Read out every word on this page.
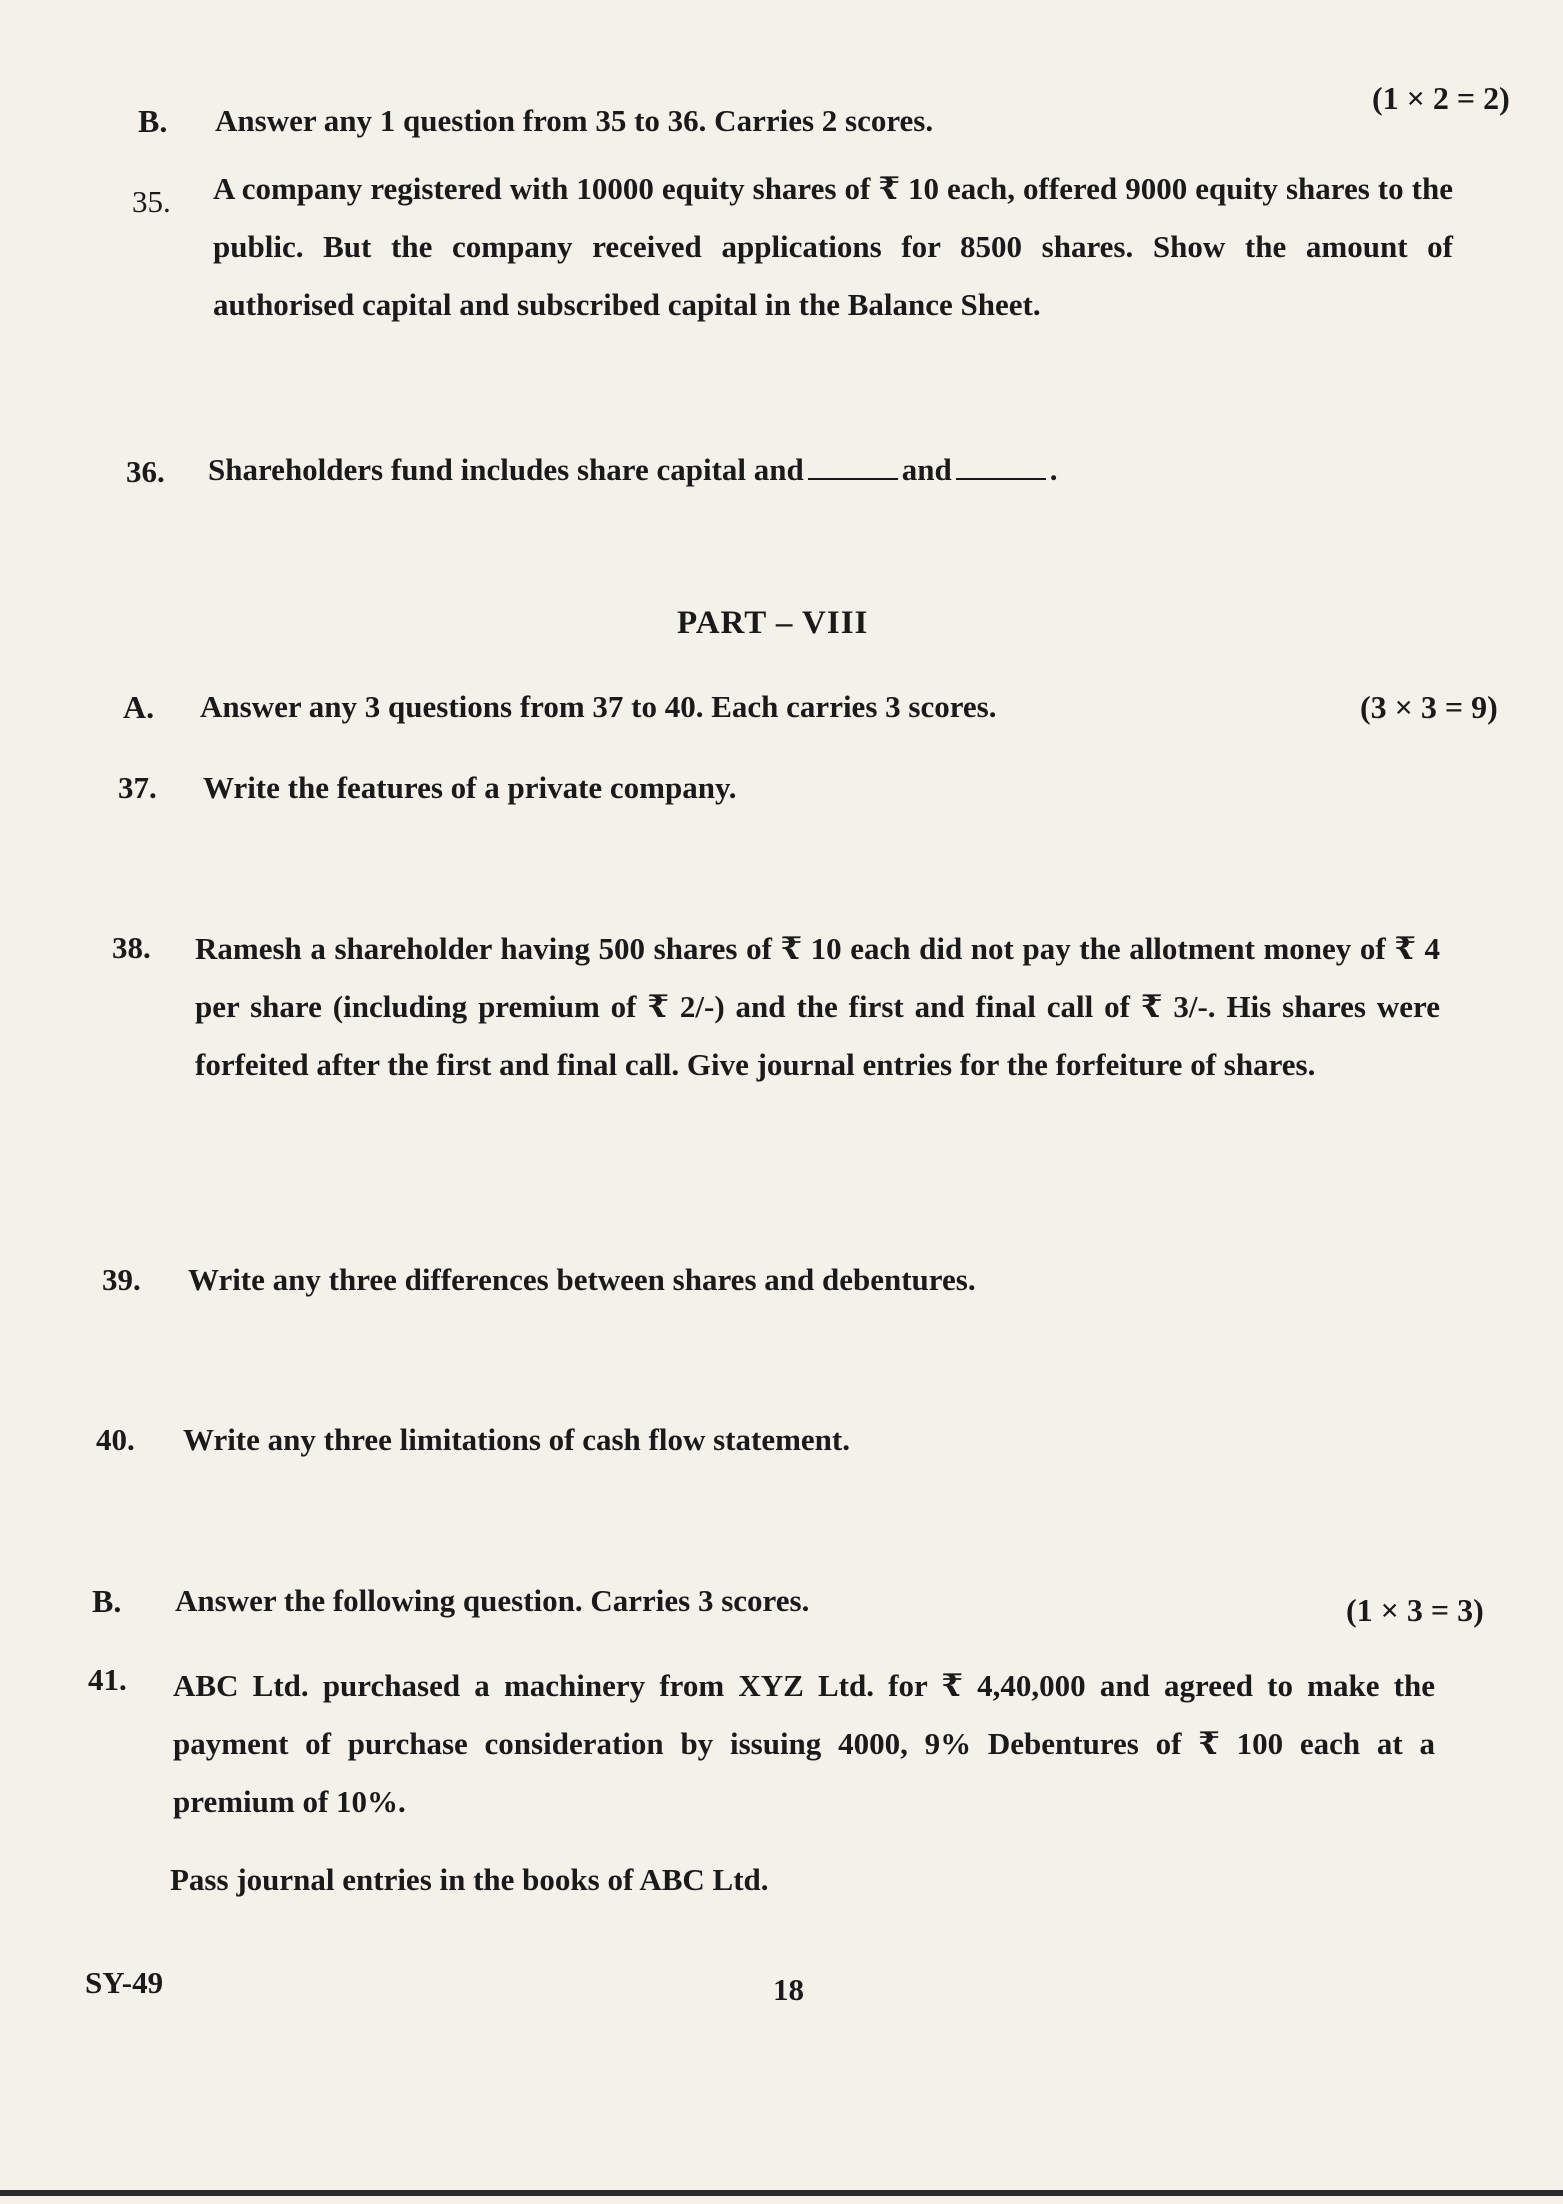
B. Answer any 1 question from 35 to 36. Carries 2 scores.
(1 × 2 = 2)
35. A company registered with 10000 equity shares of ₹ 10 each, offered 9000 equity shares to the public. But the company received applications for 8500 shares. Show the amount of authorised capital and subscribed capital in the Balance Sheet.
36. Shareholders fund includes share capital and	and	.
PART – VIII
A. Answer any 3 questions from 37 to 40. Each carries 3 scores.	(3 × 3 = 9)
37. Write the features of a private company.
38. Ramesh a shareholder having 500 shares of ₹ 10 each did not pay the allotment money of ₹ 4 per share (including premium of ₹ 2/-) and the first and final call of ₹ 3/-. His shares were forfeited after the first and final call. Give journal entries for the forfeiture of shares.
39. Write any three differences between shares and debentures.
40. Write any three limitations of cash flow statement.
B. Answer the following question. Carries 3 scores.	(1 × 3 = 3)
41. ABC Ltd. purchased a machinery from XYZ Ltd. for ₹ 4,40,000 and agreed to make the payment of purchase consideration by issuing 4000, 9% Debentures of ₹ 100 each at a premium of 10%.
Pass journal entries in the books of ABC Ltd.
SY-49	18
